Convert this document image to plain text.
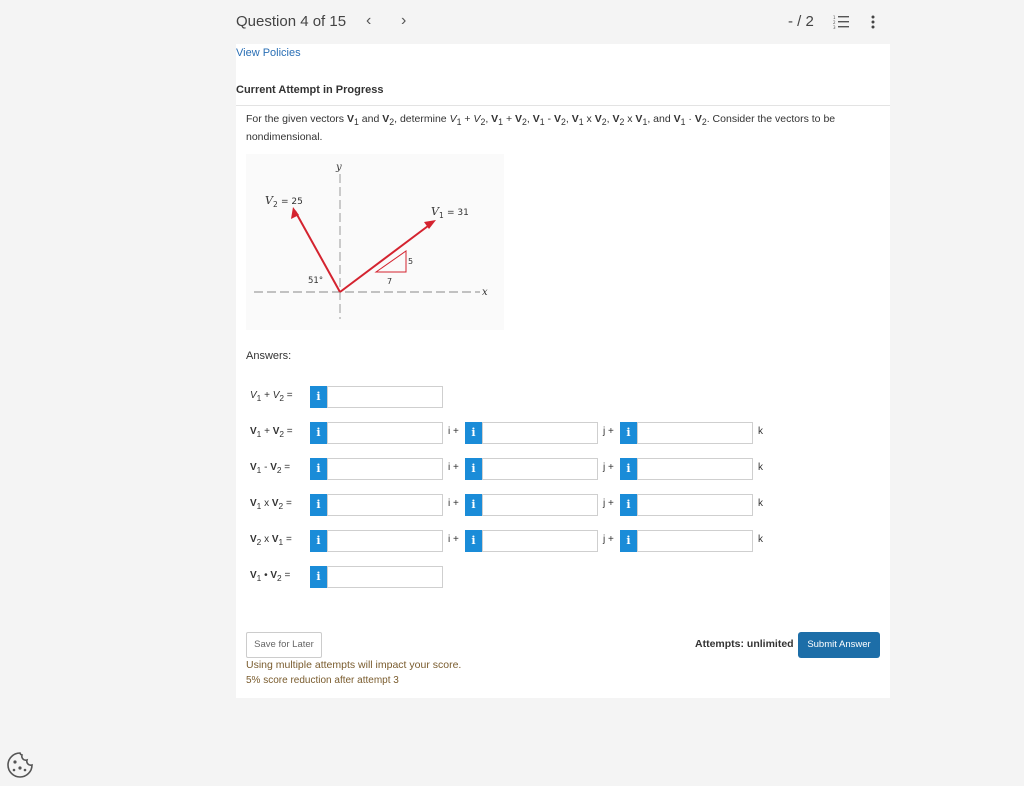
Question 4 of 15 ‹ ›	- / 2	1
2
3
View Policies
Current Attempt in Progress
For the given vectors $V_1$ and $V_2$, determine $V_1 + V_2$, $V_1 + V_2$, $V_1 - V_2$, $V_1$ x $V_2$, $V_2$ x $V_1$, and $V_1 \cdot V_2$. Consider the vectors to be nondimensional.
y
x
5
7
51°
V 2 = 25
V 1 = 31
Answers:
$V_1 + V_2$ =	i
$V_1 + V_2$ =	i	i +	i	j +	i	k
$V_1 - V_2$ =	i	i +	i	j +	i	k
$V_1$ x $V_2$ =	i	i +	i	j +	i	k
$V_2$ x $V_1$ =	i	i +	i	j +	i	k
$V_1$ • $V_2$ =	i
Save for Later
Using multiple attempts will impact your score.
5% score reduction after attempt 3
Attempts: unlimited	Submit Answer
